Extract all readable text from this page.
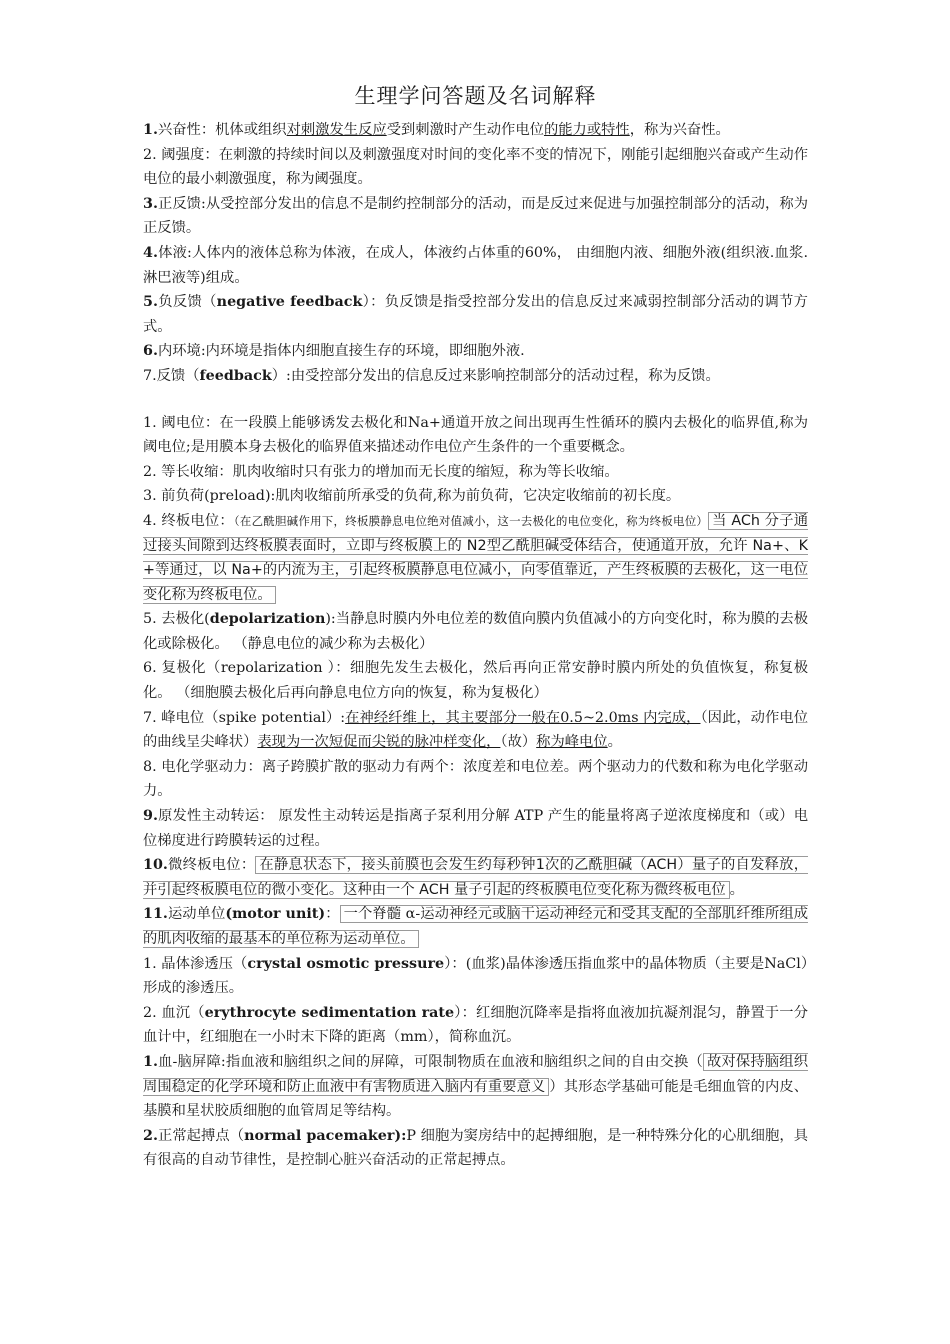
生理学问答题及名词解释

1.兴奋性：机体或组织对刺激发生反应受到刺激时产生动作电位的能力或特性，称为兴奋性。

2. 阈强度：在刺激的持续时间以及刺激强度对时间的变化率不变的情况下，刚能引起细胞兴奋或产生动作电位的最小刺激强度，称为阈强度。

3.正反馈:从受控部分发出的信息不是制约控制部分的活动，而是反过来促进与加强控制部分的活动，称为正反馈。

4.体液:人体内的液体总称为体液，在成人，体液约占体重的60%， 由细胞内液、细胞外液(组织液.血浆.淋巴液等)组成。

5.负反馈（negative feedback）：负反馈是指受控部分发出的信息反过来减弱控制部分活动的调节方式。

6.内环境:内环境是指体内细胞直接生存的环境，即细胞外液.

7.反馈（feedback）:由受控部分发出的信息反过来影响控制部分的活动过程，称为反馈。

1. 阈电位：在一段膜上能够诱发去极化和Na+通道开放之间出现再生性循环的膜内去极化的临界值,称为阈电位;是用膜本身去极化的临界值来描述动作电位产生条件的一个重要概念。

2. 等长收缩：肌肉收缩时只有张力的增加而无长度的缩短，称为等长收缩。

3. 前负荷(preload):肌肉收缩前所承受的负荷,称为前负荷，它决定收缩前的初长度。

4. 终板电位：（在乙酰胆碱作用下，终板膜静息电位绝对值减小，这一去极化的电位变化，称为终板电位） 当 ACh 分子通过接头间隙到达终板膜表面时，立即与终板膜上的 N2型乙酰胆碱受体结合，使通道开放，允许 Na+、K+等通过，以 Na+的内流为主，引起终板膜静息电位减小，向零值靠近，产生终板膜的去极化，这一电位变化称为终板电位。

5. 去极化(depolarization):当静息时膜内外电位差的数值向膜内负值减小的方向变化时，称为膜的去极化或除极化。 （静息电位的减少称为去极化）

6. 复极化（repolarization ）：细胞先发生去极化，然后再向正常安静时膜内所处的负值恢复，称复极化。 （细胞膜去极化后再向静息电位方向的恢复，称为复极化）

7. 峰电位（spike potential）:在神经纤维上，其主要部分一般在0.5~2.0ms 内完成，（因此，动作电位的曲线呈尖峰状）表现为一次短促而尖锐的脉冲样变化，（故）称为峰电位。

8. 电化学驱动力：离子跨膜扩散的驱动力有两个：浓度差和电位差。两个驱动力的代数和称为电化学驱动力。

9.原发性主动转运： 原发性主动转运是指离子泵利用分解 ATP 产生的能量将离子逆浓度梯度和（或）电位梯度进行跨膜转运的过程。

10.微终板电位： 在静息状态下，接头前膜也会发生约每秒钟1次的乙酰胆碱（ACH）量子的自发释放，并引起终板膜电位的微小变化。这种由一个 ACH 量子引起的终板膜电位变化称为微终板电位 。

11.运动单位(motor unit)： 一个脊髓 α-运动神经元或脑干运动神经元和受其支配的全部肌纤维所组成的肌肉收缩的最基本的单位称为运动单位。

1. 晶体渗透压（crystal osmotic pressure）：(血浆)晶体渗透压指血浆中的晶体物质（主要是NaCl）形成的渗透压。

2. 血沉（erythrocyte sedimentation rate）：红细胞沉降率是指将血液加抗凝剂混匀，静置于一分血计中，红细胞在一小时末下降的距离（mm），简称血沉。

1.血-脑屏障:指血液和脑组织之间的屏障，可限制物质在血液和脑组织之间的自由交换（ 故对保持脑组织周围稳定的化学环境和防止血液中有害物质进入脑内有重要意义 ）其形态学基础可能是毛细血管的内皮、基膜和星状胶质细胞的血管周足等结构。

2.正常起搏点（normal pacemaker):P 细胞为窦房结中的起搏细胞，是一种特殊分化的心肌细胞，具有很高的自动节律性，是控制心脏兴奋活动的正常起搏点。
